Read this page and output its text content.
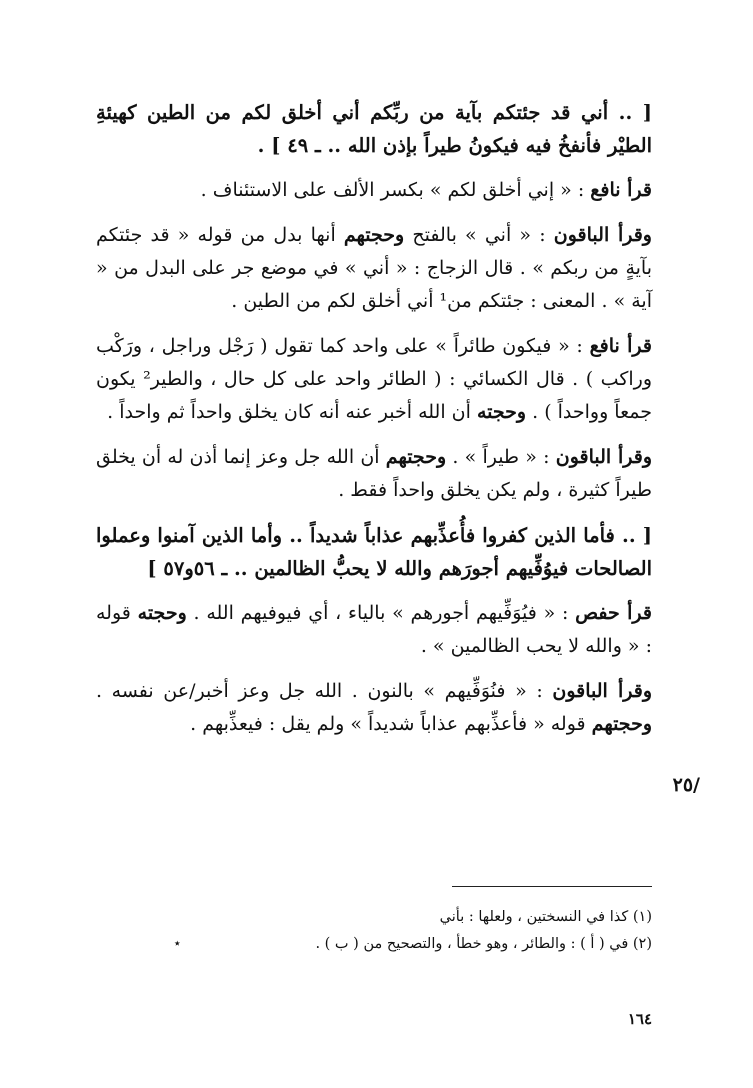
[ .. أني قد جئتكم بآية من ربِّكم أني أخلق لكم من الطين كهيئةِ الطيْر فأنفخُ فيه فيكونُ طيراً بإذن الله .. ـ ٤٩ ] .

قرأ نافع : « إني أخلق لكم » بكسر الألف على الاستئناف .

وقرأ الباقون : « أني » بالفتح وحجتهم أنها بدل من قوله « قد جئتكم بآيةٍ من ربكم » . قال الزجاج : « أني » في موضع جر على البدل من « آية » . المعنى : جئتكم من¹ أني أخلق لكم من الطين .

قرأ نافع : « فيكون طائراً » على واحد كما تقول ( رَجْل وراجل ، ورَكْب وراكب ) . قال الكسائي : ( الطائر واحد على كل حال ، والطير² يكون جمعاً وواحداً ) . وحجته أن الله أخبر عنه أنه كان يخلق واحداً ثم واحداً .

وقرأ الباقون : « طيراً » . وحجتهم أن الله جل وعز إنما أذن له أن يخلق طيراً كثيرة ، ولم يكن يخلق واحداً فقط .

[ .. فأما الذين كفروا فأُعذِّبهم عذاباً شديداً .. وأما الذين آمنوا وعملوا الصالحات فيوُفِّيهم أجورَهم والله لا يحبُّ الظالمين .. ـ ٥٦و٥٧ ]

قرأ حفص : « فيُوَفِّيهم أجورهم » بالياء ، أي فيوفيهم الله . وحجته قوله : « والله لا يحب الظالمين » .

وقرأ الباقون : « فنُوَفِّيهم » بالنون . الله جل وعز أخبر/عن نفسه . وحجتهم قوله « فأعذِّبهم عذاباً شديداً » ولم يقل : فيعذِّبهم .

/٢٥
(١) كذا في النسختين ، ولعلها : بأني
(٢) في ( أ ) : والطائر ، وهو خطأ ، والتصحيح من ( ب ) .
٭
١٦٤
